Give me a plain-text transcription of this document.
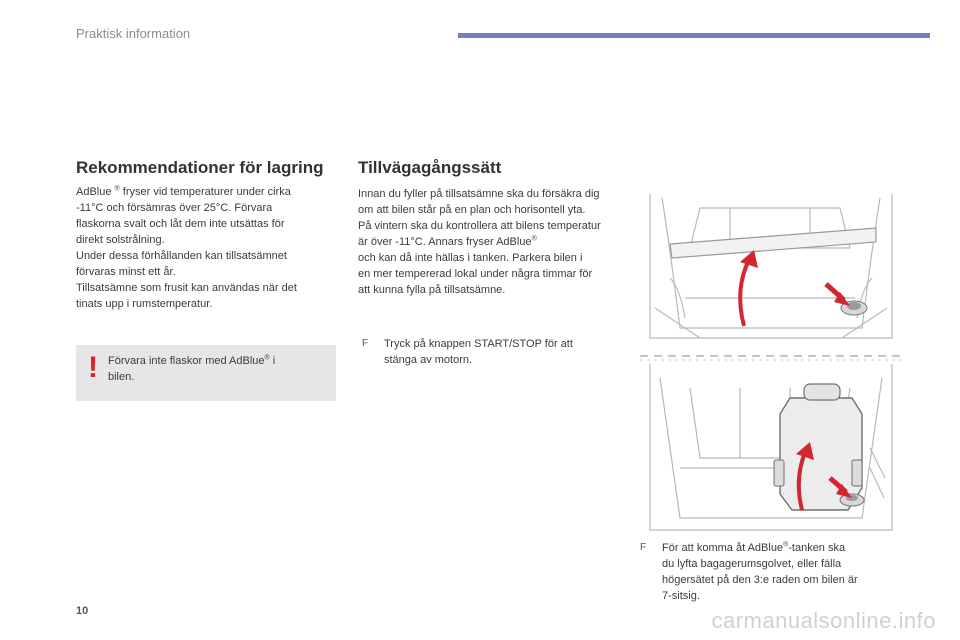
Praktisk information
Rekommendationer för lagring

AdBlue ® fryser vid temperaturer under cirka

-11°C och försämras över 25°C. Förvara

flaskorna svalt och låt dem inte utsättas för

direkt solstrålning.

Under dessa förhållanden kan tillsatsämnet

förvaras minst ett år.

Tillsatsämne som frusit kan användas när det

tinats upp i rumstemperatur.

! Förvara inte flaskor med AdBlue® i
bilen.
Tillvägagångssätt

Innan du fyller på tillsatsämne ska du försäkra dig

om att bilen står på en plan och horisontell yta.

På vintern ska du kontrollera att bilens temperatur

är över -11°C. Annars fryser AdBlue®

och kan då inte hällas i tanken. Parkera bilen i

en mer tempererad lokal under några timmar för

att kunna fylla på tillsatsämne.

F Tryck på knappen START/STOP för att
stänga av motorn.
F För att komma åt AdBlue®-tanken ska
du lyfta bagagerumsgolvet, eller fälla
högersätet på den 3:e raden om bilen är
7-sitsig.
10	carmanualsonline.info
